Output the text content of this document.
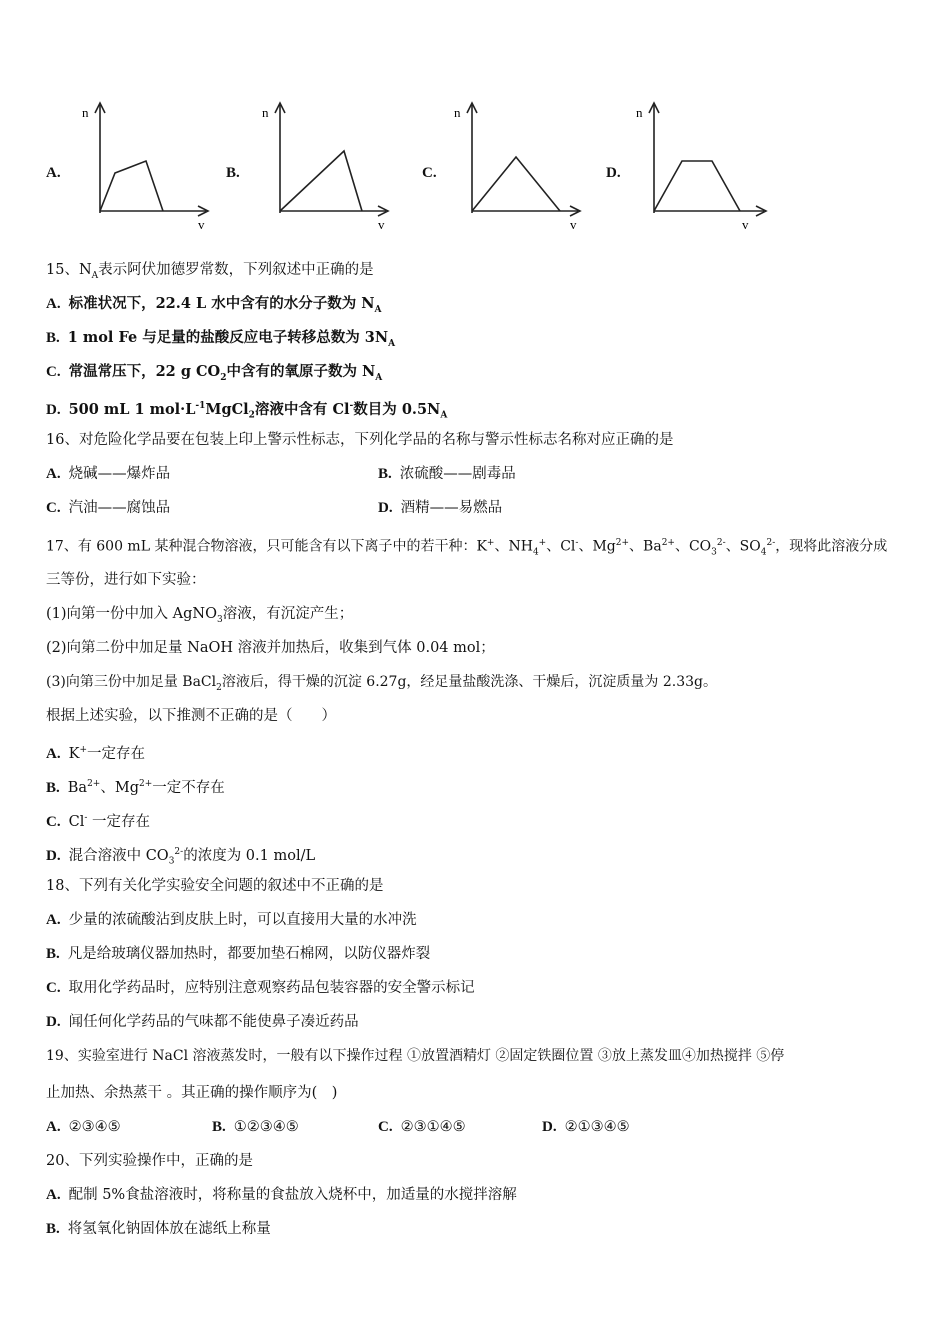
A.
n
v
B.
n
v
C.
n
v
D.
n
v
15、$N_A$表示阿伏加德罗常数，下列叙述中正确的是
A. 标准状况下，22.4 L 水中含有的水分子数为 $N_A$
B. 1 mol Fe 与足量的盐酸反应电子转移总数为 $3N_A$
C. 常温常压下，22 g $CO_2$中含有的氧原子数为 $N_A$
D. 500 mL 1 $mol\cdot L^{-1}MgCl_2$溶液中含有 Cl-数目为 $0.5N_A$
16、对危险化学品要在包装上印上警示性标志，下列化学品的名称与警示性标志名称对应正确的是
A. 烧碱——爆炸品	B. 浓硫酸——剧毒品
C. 汽油——腐蚀品	D. 酒精——易燃品
17、有 600 mL 某种混合物溶液，只可能含有以下离子中的若干种：K+、$NH_4^+$、Cl-、$Mg^{2+}$、$Ba^{2+}$、$CO_3^{2-}$、$SO_4^{2-}$，现将此溶液分成
三等份，进行如下实验：
(1)向第一份中加入 AgNO$_3$溶液，有沉淀产生；
(2)向第二份中加足量 NaOH 溶液并加热后，收集到气体 0.04 mol；
(3)向第三份中加足量 BaCl$_2$溶液后，得干燥的沉淀 6.27g，经足量盐酸洗涤、干燥后，沉淀质量为 2.33g。
根据上述实验，以下推测不正确的是（　　）
A. K+一定存在
B. $Ba^{2+}$、$Mg^{2+}$一定不存在
C. Cl- 一定存在
D. 混合溶液中 $CO_3^{2-}$的浓度为 0.1 mol/L
18、下列有关化学实验安全问题的叙述中不正确的是
A. 少量的浓硫酸沾到皮肤上时，可以直接用大量的水冲洗
B. 凡是给玻璃仪器加热时，都要加垫石棉网，以防仪器炸裂
C. 取用化学药品时，应特别注意观察药品包装容器的安全警示标记
D. 闻任何化学药品的气味都不能使鼻子凑近药品
19、实验室进行 NaCl 溶液蒸发时，一般有以下操作过程 ①放置酒精灯 ②固定铁圈位置 ③放上蒸发皿④加热搅拌 ⑤停
止加热、余热蒸干 。其正确的操作顺序为(　)
A. ②③④⑤	B. ①②③④⑤	C. ②③①④⑤	D. ②①③④⑤
20、下列实验操作中，正确的是
A. 配制 5%食盐溶液时，将称量的食盐放入烧杯中，加适量的水搅拌溶解
B. 将氢氧化钠固体放在滤纸上称量
